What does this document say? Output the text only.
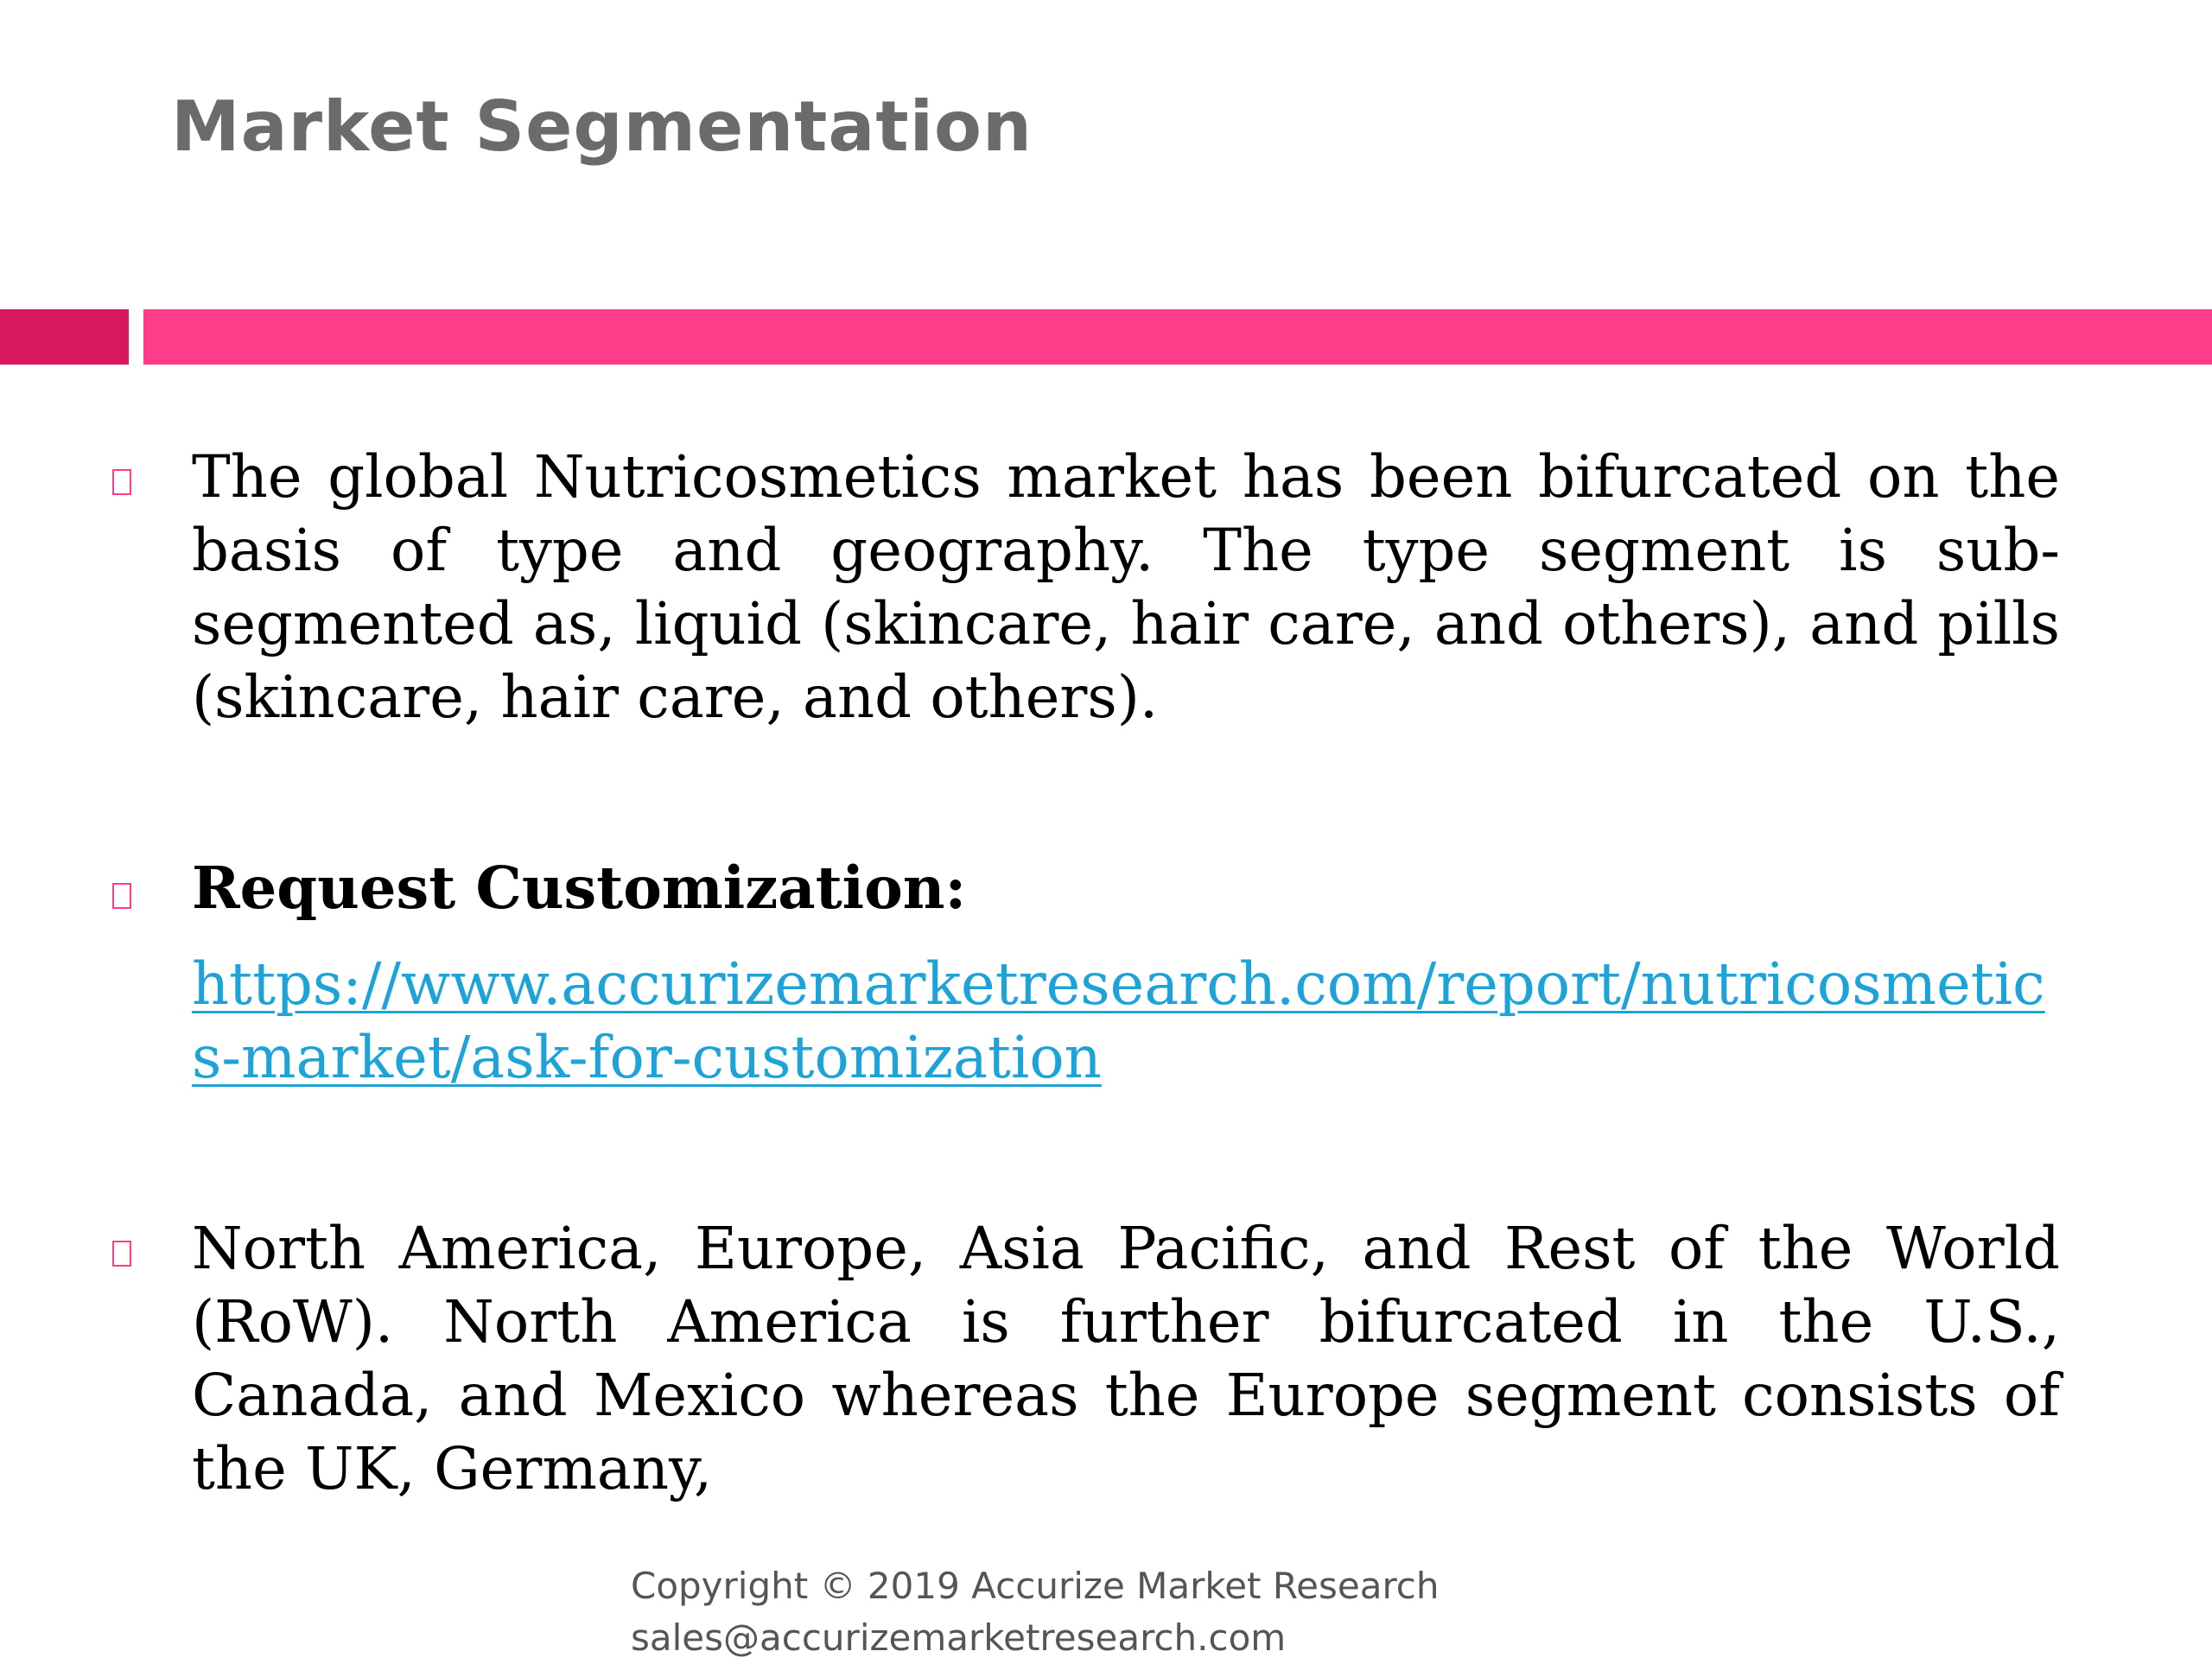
Market Segmentation
The global Nutricosmetics market has been bifurcated on the basis of type and geography. The type segment is sub-segmented as, liquid (skincare, hair care, and others), and pills (skincare, hair care, and others).
Request Customization:
https://www.accurizemarketresearch.com/report/nutricosmetics-market/ask-for-customization
North America, Europe, Asia Pacific, and Rest of the World (RoW). North America is further bifurcated in the U.S., Canada, and Mexico whereas the Europe segment consists of the UK, Germany,
Copyright © 2019 Accurize Market Research
sales@accurizemarketresearch.com
